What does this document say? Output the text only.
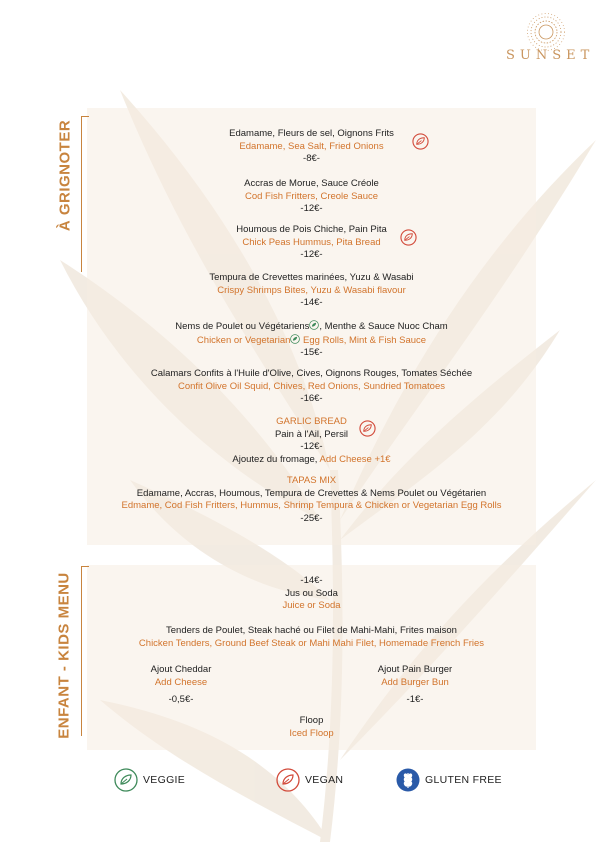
SUNSET
À GRIGNOTER
ENFANT - KIDS MENU
Edamame, Fleurs de sel, Oignons Frits
Edamame, Sea Salt, Fried Onions
-8€-
Accras de Morue, Sauce Créole
Cod Fish Fritters, Creole Sauce
-12€-
Houmous de Pois Chiche, Pain Pita
Chick Peas Hummus, Pita Bread
-12€-
Tempura de Crevettes marinées, Yuzu & Wasabi
Crispy Shrimps Bites, Yuzu & Wasabi flavour
-14€-
Nems de Poulet ou Végétariens , Menthe & Sauce Nuoc Cham
Chicken or Vegetarian Egg Rolls, Mint & Fish Sauce
-15€-
Calamars Confits à l'Huile d'Olive, Cives, Oignons Rouges, Tomates Séchée
Confit Olive Oil Squid, Chives, Red Onions, Sundried Tomatoes
-16€-
GARLIC BREAD
Pain à l'Ail, Persil
-12€-
Ajoutez du fromage, Add Cheese +1€
TAPAS MIX
Edamame, Accras, Houmous, Tempura de Crevettes & Nems Poulet ou Végétarien
Edmame, Cod Fish Fritters, Hummus, Shrimp Tempura & Chicken or Vegetarian Egg Rolls
-25€-
-14€-
Jus ou Soda
Juice or Soda
Tenders de Poulet, Steak haché ou Filet de Mahi-Mahi, Frites maison
Chicken Tenders, Ground Beef Steak or Mahi Mahi Filet, Homemade French Fries
Floop
Iced Floop
Ajout Cheddar
Add Cheese
-0,5€-
Ajout Pain Burger
Add Burger Bun
-1€-
VEGGIE	VEGAN	GLUTEN FREE
